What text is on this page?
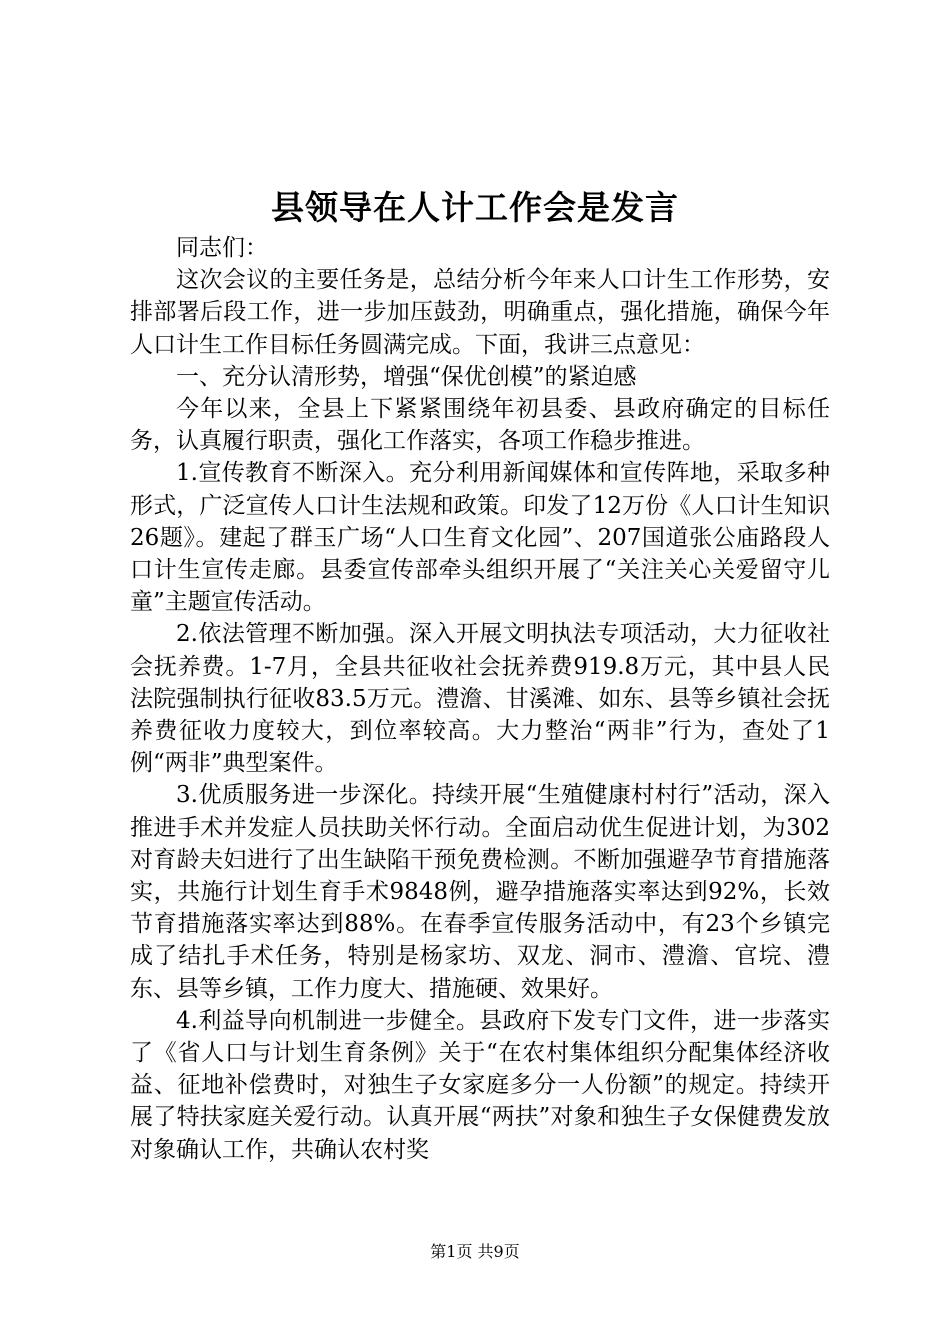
县领导在人计工作会是发言

同志们：

这次会议的主要任务是，总结分析今年来人口计生工作形势，安排部署后段工作，进一步加压鼓劲，明确重点，强化措施，确保今年人口计生工作目标任务圆满完成。下面，我讲三点意见：

一、充分认清形势，增强“保优创模”的紧迫感

今年以来，全县上下紧紧围绕年初县委、县政府确定的目标任务，认真履行职责，强化工作落实，各项工作稳步推进。

1.宣传教育不断深入。充分利用新闻媒体和宣传阵地，采取多种形式，广泛宣传人口计生法规和政策。印发了12万份《人口计生知识26题》。建起了群玉广场“人口生育文化园”、207国道张公庙路段人口计生宣传走廊。县委宣传部牵头组织开展了“关注关心关爱留守儿童”主题宣传活动。

2.依法管理不断加强。深入开展文明执法专项活动，大力征收社会抚养费。1-7月，全县共征收社会抚养费919.8万元，其中县人民法院强制执行征收83.5万元。澧澹、甘溪滩、如东、县等乡镇社会抚养费征收力度较大，到位率较高。大力整治“两非”行为，查处了1例“两非”典型案件。

3.优质服务进一步深化。持续开展“生殖健康村村行”活动，深入推进手术并发症人员扶助关怀行动。全面启动优生促进计划，为302对育龄夫妇进行了出生缺陷干预免费检测。不断加强避孕节育措施落实，共施行计划生育手术9848例，避孕措施落实率达到92%，长效节育措施落实率达到88%。在春季宣传服务活动中，有23个乡镇完成了结扎手术任务，特别是杨家坊、双龙、洞市、澧澹、官垸、澧东、县等乡镇，工作力度大、措施硬、效果好。

4.利益导向机制进一步健全。县政府下发专门文件，进一步落实了《省人口与计划生育条例》关于“在农村集体组织分配集体经济收益、征地补偿费时，对独生子女家庭多分一人份额”的规定。持续开展了特扶家庭关爱行动。认真开展“两扶”对象和独生子女保健费发放对象确认工作，共确认农村奖

第1页 共9页
